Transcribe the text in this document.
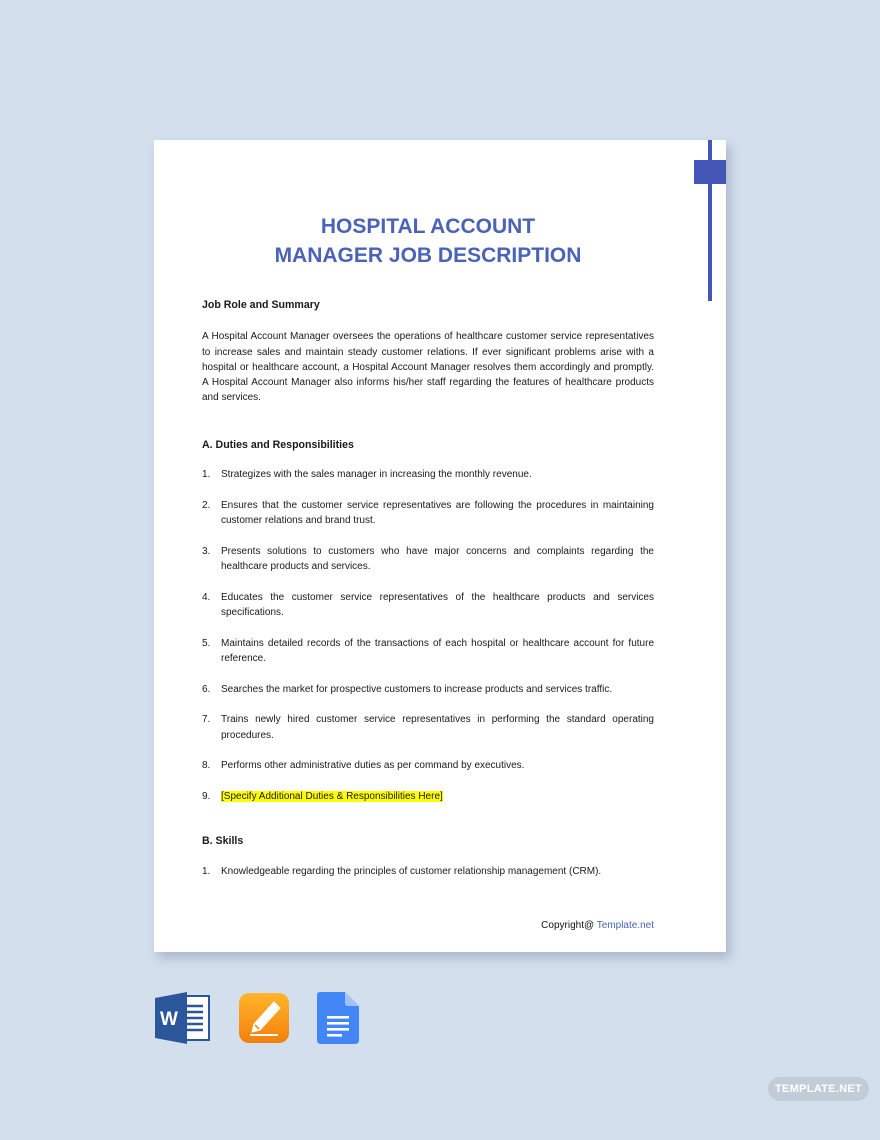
HOSPITAL ACCOUNT
MANAGER JOB DESCRIPTION
Job Role and Summary
A Hospital Account Manager oversees the operations of healthcare customer service representatives to increase sales and maintain steady customer relations. If ever significant problems arise with a hospital or healthcare account, a Hospital Account Manager resolves them accordingly and promptly. A Hospital Account Manager also informs his/her staff regarding the features of healthcare products and services.
A. Duties and Responsibilities
1.	Strategizes with the sales manager in increasing the monthly revenue.
2.	Ensures that the customer service representatives are following the procedures in maintaining customer relations and brand trust.
3.	Presents solutions to customers who have major concerns and complaints regarding the healthcare products and services.
4.	Educates the customer service representatives of the healthcare products and services specifications.
5.	Maintains detailed records of the transactions of each hospital or healthcare account for future reference.
6.	Searches the market for prospective customers to increase products and services traffic.
7.	Trains newly hired customer service representatives in performing the standard operating procedures.
8.	Performs other administrative duties as per command by executives.
9.	[Specify Additional Duties & Responsibilities Here]
B. Skills
1.	Knowledgeable regarding the principles of customer relationship management (CRM).
Copyright@ Template.net
W
TEMPLATE.NET
